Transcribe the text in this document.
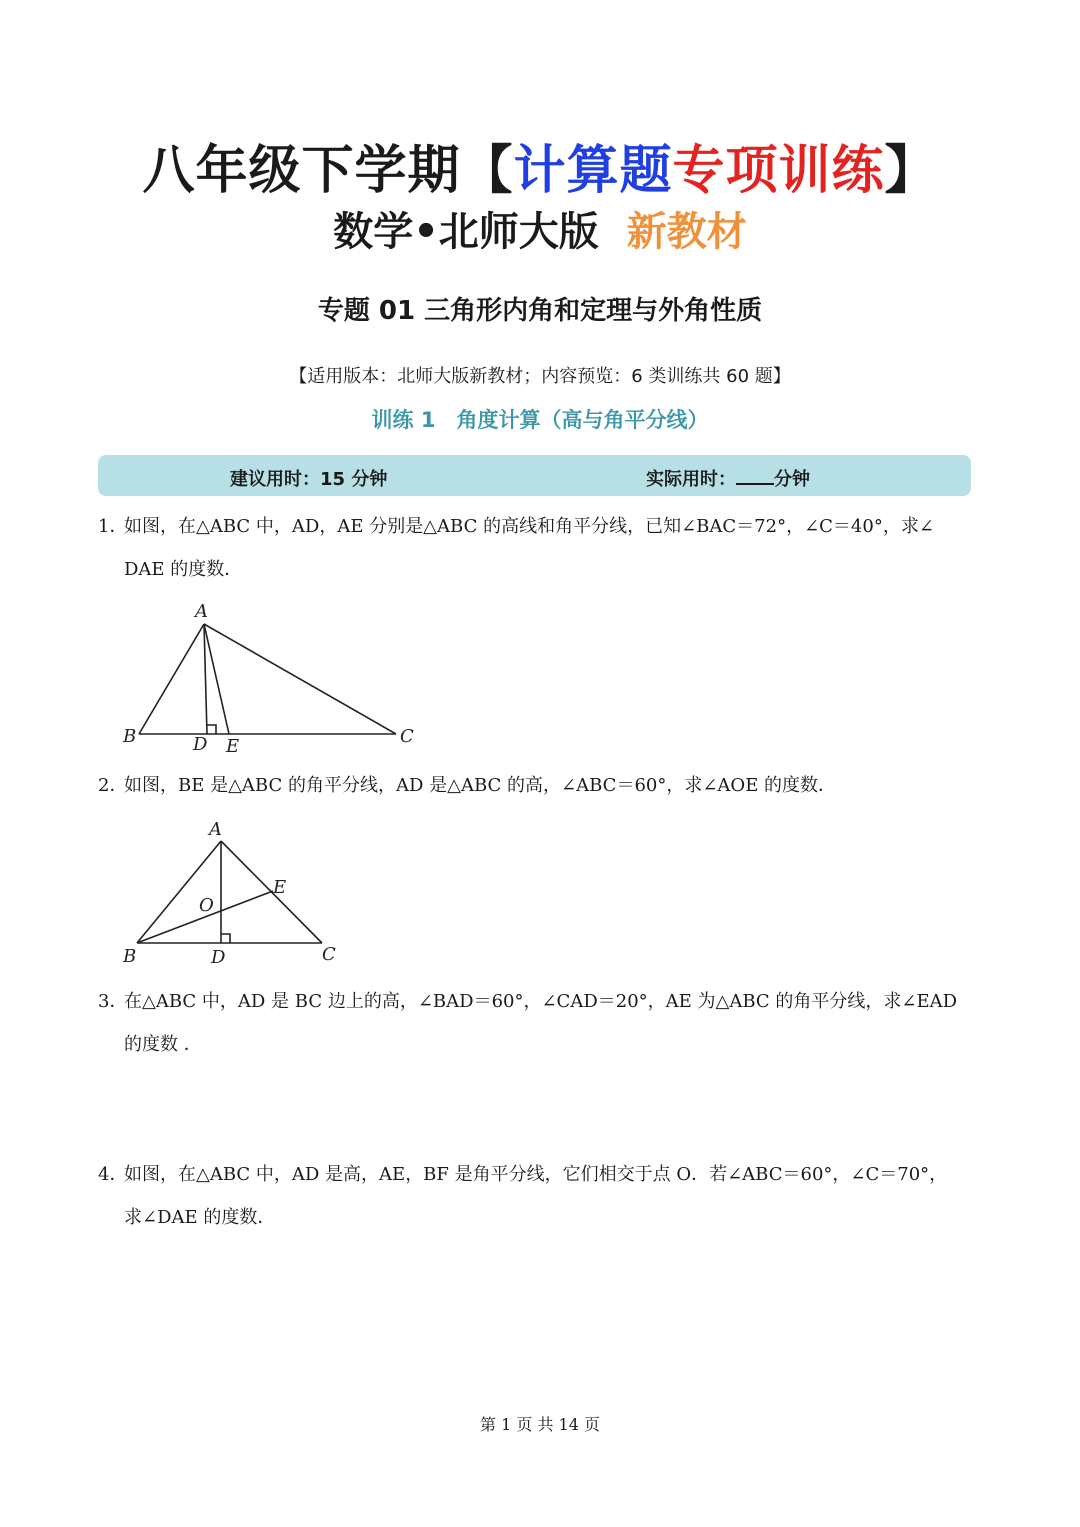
八年级下学期【计算题专项训练】
数学•北师大版 新教材
专题 01 三角形内角和定理与外角性质
【适用版本：北师大版新教材；内容预览：6 类训练共 60 题】
训练 1　角度计算（高与角平分线）
建议用时：15 分钟	实际用时： 分钟
1．如图，在△ABC 中，AD，AE 分别是△ABC 的高线和角平分线，已知∠BAC＝72°，∠C＝40°，求∠
DAE 的度数．
A
B	D E	C
2．如图，BE 是△ABC 的角平分线，AD 是△ABC 的高，∠ABC＝60°，求∠AOE 的度数．
A
B	D	C
E
O
3．在△ABC 中，AD 是 BC 边上的高，∠BAD＝60°，∠CAD＝20°，AE 为△ABC 的角平分线，求∠EAD
的度数 ．
4．如图，在△ABC 中，AD 是高，AE，BF 是角平分线，它们相交于点 O．若∠ABC＝60°，∠C＝70°，
求∠DAE 的度数．
第 1 页 共 14 页
